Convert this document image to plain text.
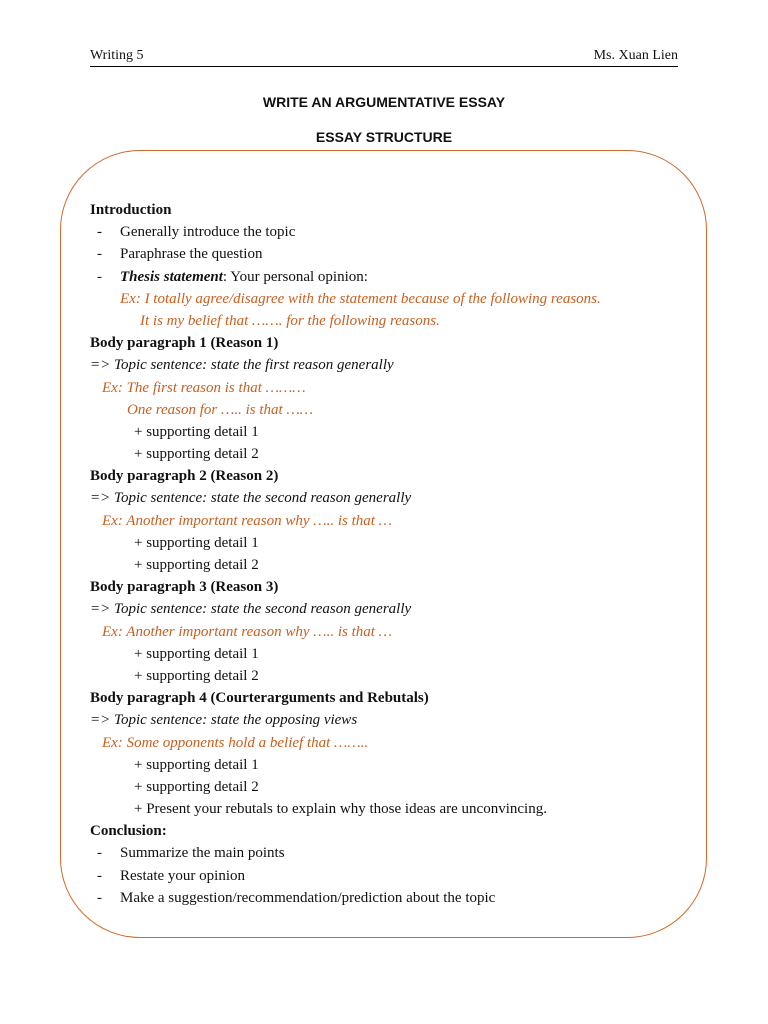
Writing 5	Ms. Xuan Lien
WRITE AN ARGUMENTATIVE ESSAY
ESSAY STRUCTURE
Introduction
- Generally introduce the topic
- Paraphrase the question
- Thesis statement: Your personal opinion:
Ex: I totally agree/disagree with the statement because of the following reasons.
It is my belief that ……. for the following reasons.
Body paragraph 1 (Reason 1)
=> Topic sentence: state the first reason generally
Ex: The first reason is that ………
One reason for ….. is that ……
+ supporting detail 1
+ supporting detail 2
Body paragraph 2 (Reason 2)
=> Topic sentence: state the second reason generally
Ex: Another important reason why ….. is that …
+ supporting detail 1
+ supporting detail 2
Body paragraph 3 (Reason 3)
=> Topic sentence: state the second reason generally
Ex: Another important reason why ….. is that …
+ supporting detail 1
+ supporting detail 2
Body paragraph 4 (Courterarguments and Rebutals)
=> Topic sentence: state the opposing views
Ex: Some opponents hold a belief that ……..
+ supporting detail 1
+ supporting detail 2
+ Present your rebutals to explain why those ideas are unconvincing.
Conclusion:
- Summarize the main points
- Restate your opinion
- Make a suggestion/recommendation/prediction about the topic
